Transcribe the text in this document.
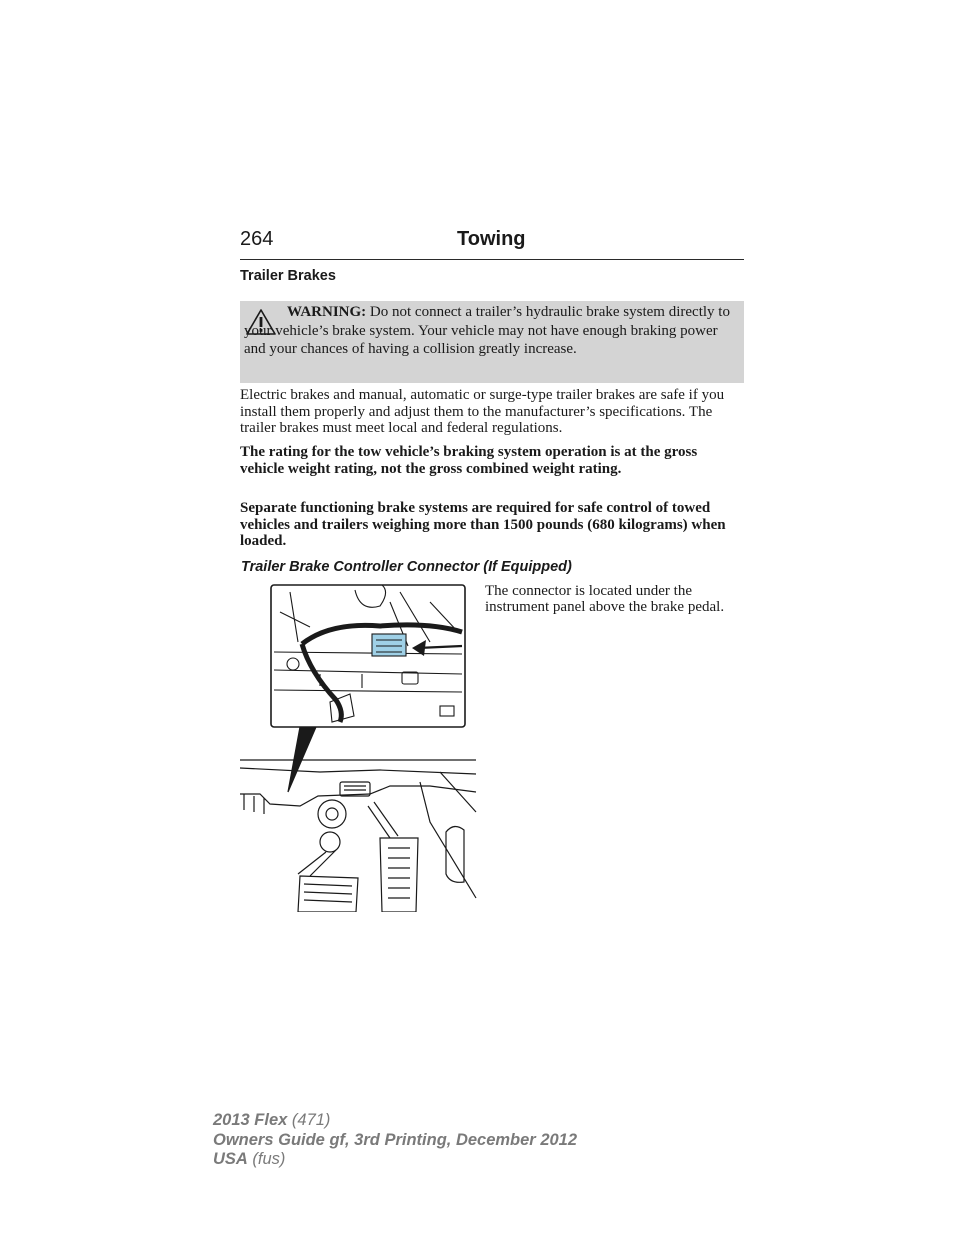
264	Towing
Trailer Brakes
WARNING: Do not connect a trailer’s hydraulic brake system directly to your vehicle’s brake system. Your vehicle may not have enough braking power and your chances of having a collision greatly increase.

Electric brakes and manual, automatic or surge-type trailer brakes are safe if you install them properly and adjust them to the manufacturer’s specifications. The trailer brakes must meet local and federal regulations.

The rating for the tow vehicle’s braking system operation is at the gross vehicle weight rating, not the gross combined weight rating.

Separate functioning brake systems are required for safe control of towed vehicles and trailers weighing more than 1500 pounds (680 kilograms) when loaded.

Trailer Brake Controller Connector (If Equipped)

The connector is located under the instrument panel above the brake pedal.

2013 Flex (471)
Owners Guide gf, 3rd Printing, December 2012
USA (fus)
